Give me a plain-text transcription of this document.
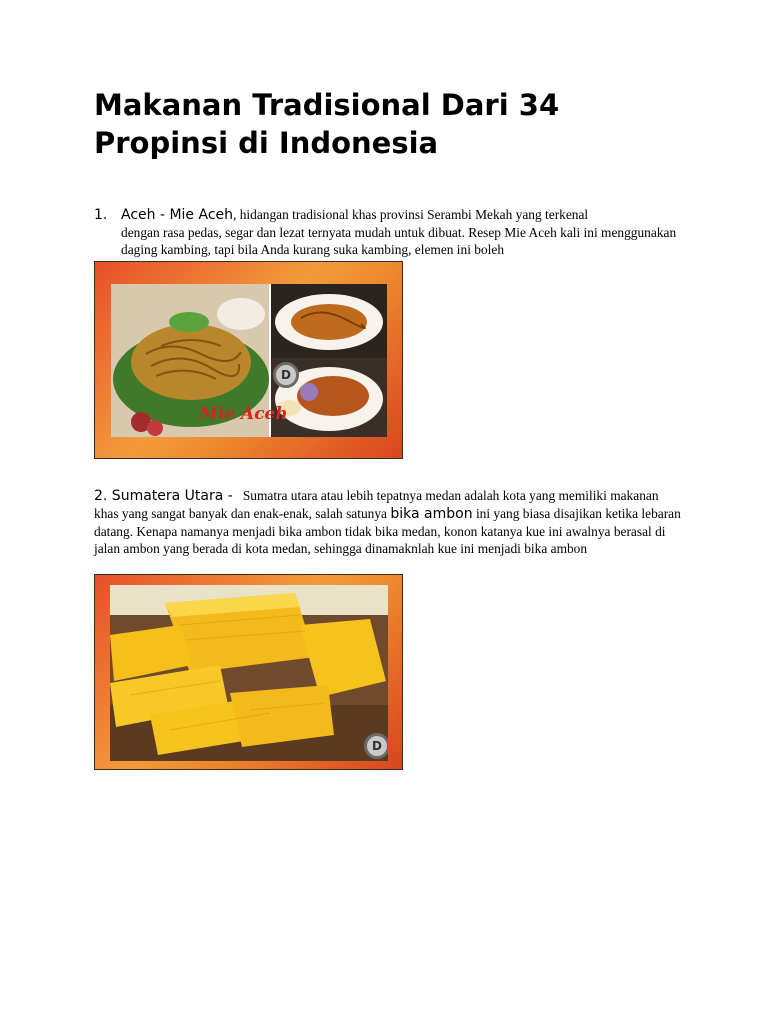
Makanan Tradisional Dari 34
Propinsi di Indonesia
1. Aceh - Mie Aceh, hidangan tradisional khas provinsi Serambi Mekah yang terkenal
dengan rasa pedas, segar dan lezat ternyata mudah untuk dibuat. Resep Mie Aceh kali ini menggunakan daging kambing, tapi bila Anda kurang suka kambing, elemen ini boleh
Mie Aceh
D
2. Sumatera Utara - Sumatra utara atau lebih tepatnya medan adalah kota yang memiliki makanan khas yang sangat banyak dan enak-enak, salah satunya bika ambon ini yang biasa disajikan ketika lebaran datang. Kenapa namanya menjadi bika ambon tidak bika medan, konon katanya kue ini awalnya berasal di jalan ambon yang berada di kota medan, sehingga dinamaknlah kue ini menjadi bika ambon
D
